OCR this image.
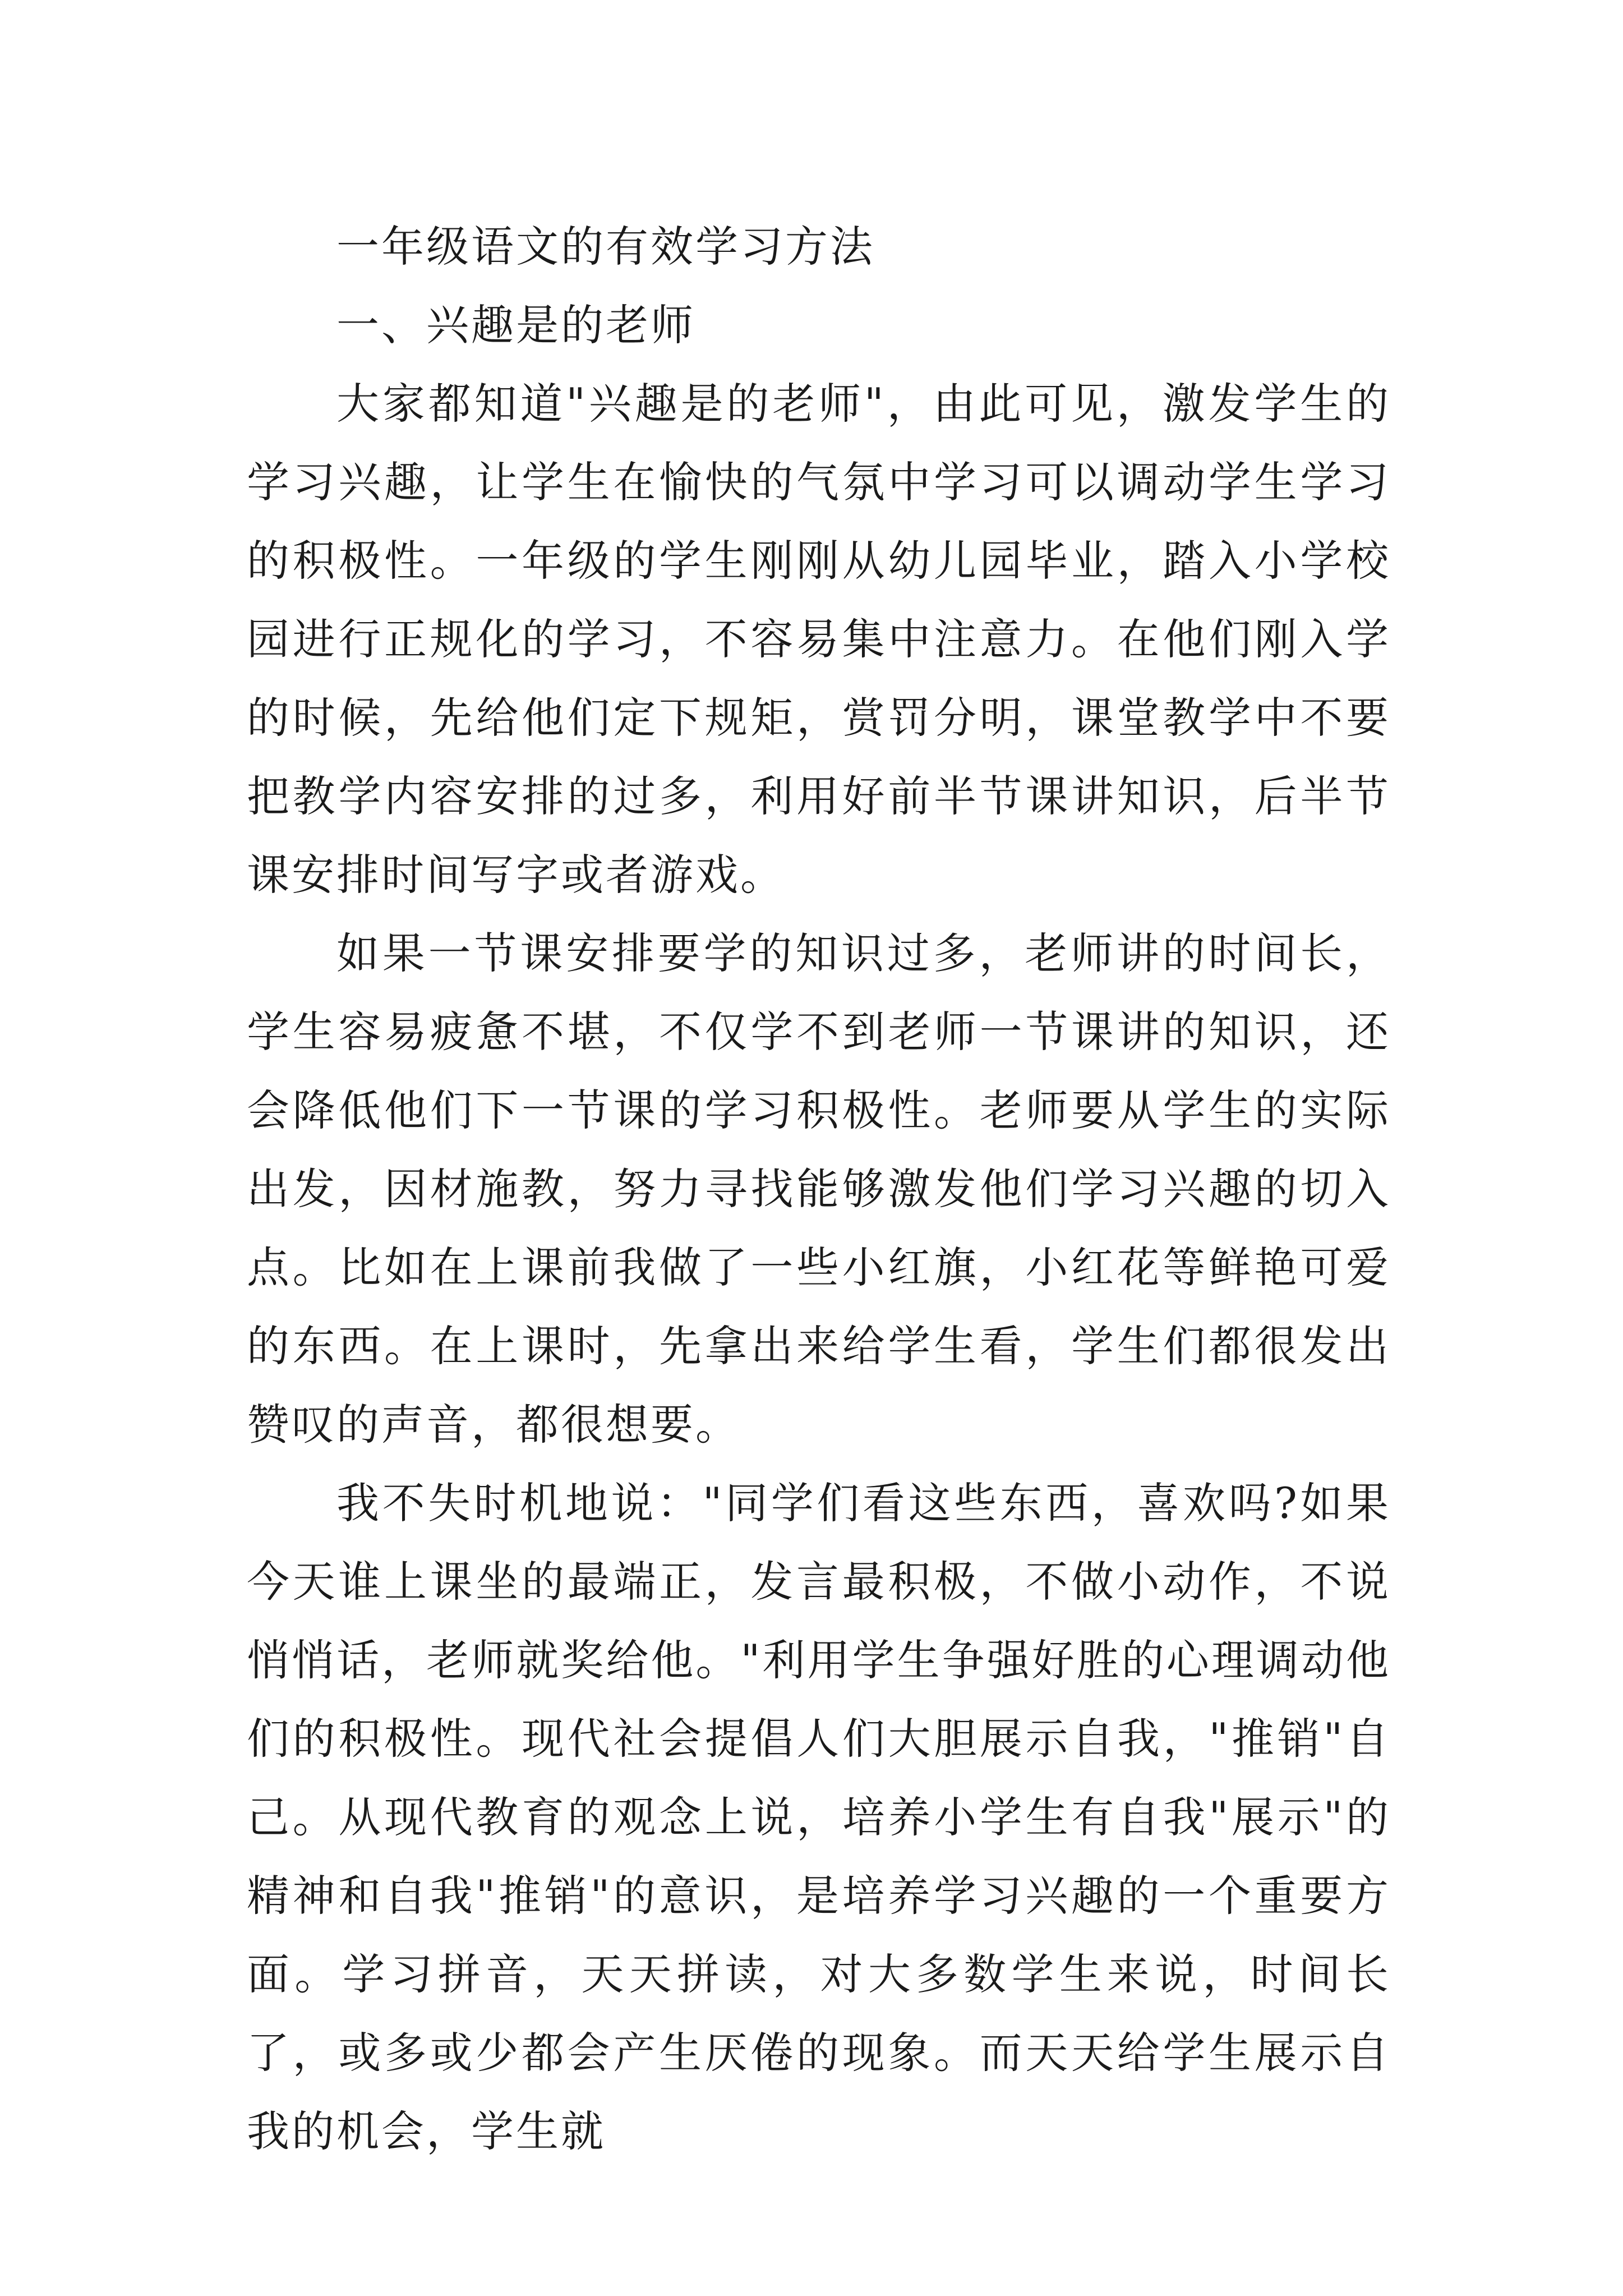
一年级语文的有效学习方法

一、兴趣是的老师

大家都知道"兴趣是的老师"，由此可见，激发学生的学习兴趣，让学生在愉快的气氛中学习可以调动学生学习的积极性。一年级的学生刚刚从幼儿园毕业，踏入小学校园进行正规化的学习，不容易集中注意力。在他们刚入学的时候，先给他们定下规矩，赏罚分明，课堂教学中不要把教学内容安排的过多，利用好前半节课讲知识，后半节课安排时间写字或者游戏。

如果一节课安排要学的知识过多，老师讲的时间长，学生容易疲惫不堪，不仅学不到老师一节课讲的知识，还会降低他们下一节课的学习积极性。老师要从学生的实际出发，因材施教，努力寻找能够激发他们学习兴趣的切入点。比如在上课前我做了一些小红旗，小红花等鲜艳可爱的东西。在上课时，先拿出来给学生看，学生们都很发出赞叹的声音，都很想要。

我不失时机地说："同学们看这些东西，喜欢吗?如果今天谁上课坐的最端正，发言最积极，不做小动作，不说悄悄话，老师就奖给他。"利用学生争强好胜的心理调动他们的积极性。现代社会提倡人们大胆展示自我，"推销"自己。从现代教育的观念上说，培养小学生有自我"展示"的精神和自我"推销"的意识，是培养学习兴趣的一个重要方面。学习拼音，天天拼读，对大多数学生来说，时间长了，或多或少都会产生厌倦的现象。而天天给学生展示自我的机会，学生就
